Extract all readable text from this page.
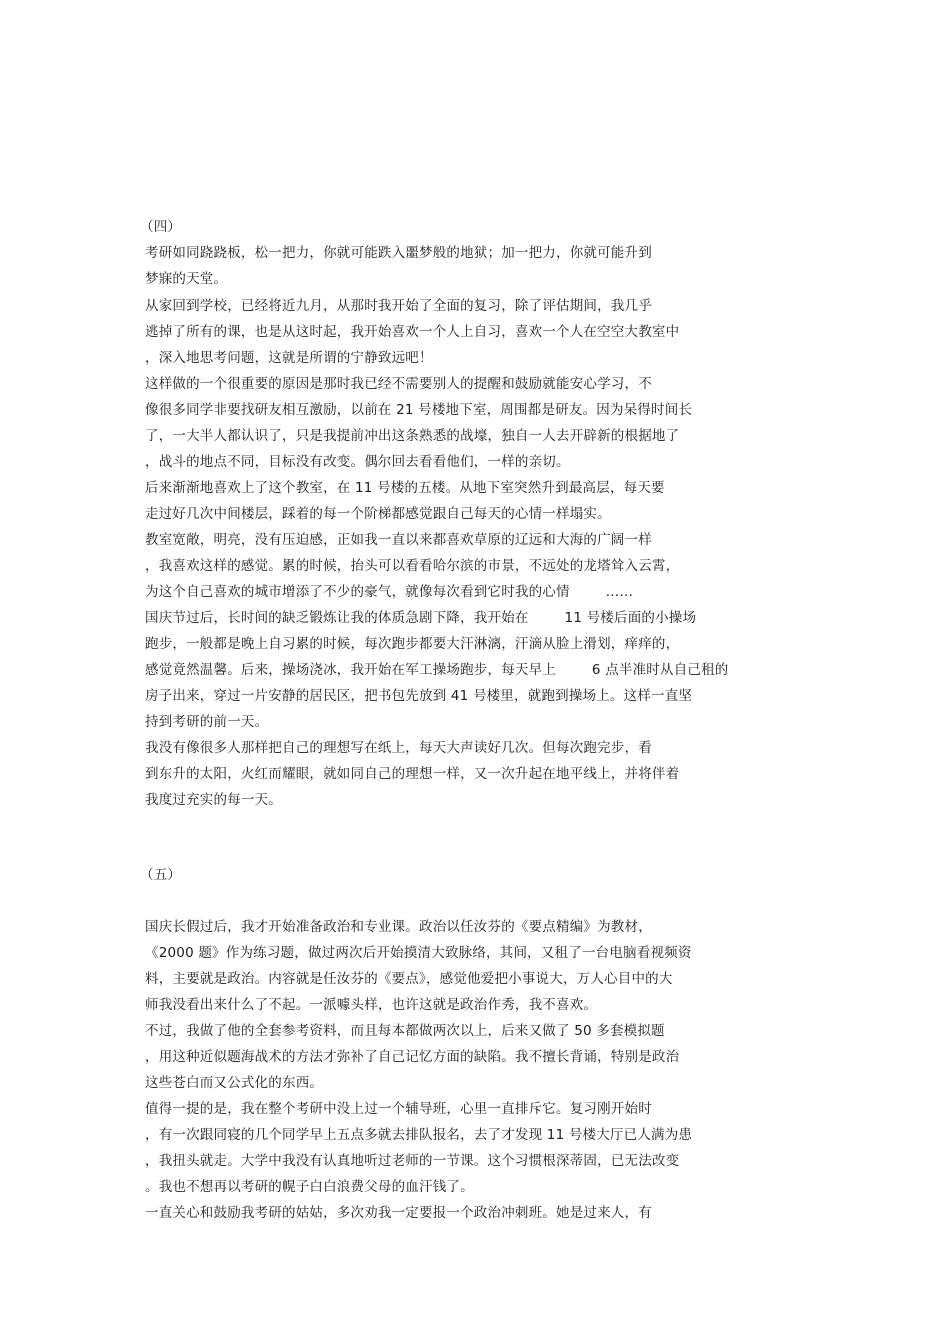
（四）
考研如同跷跷板，松一把力，你就可能跌入噩梦般的地狱；加一把力，你就可能升到
梦寐的天堂。
从家回到学校，已经将近九月，从那时我开始了全面的复习，除了评估期间，我几乎
逃掉了所有的课，也是从这时起，我开始喜欢一个人上自习，喜欢一个人在空空大教室中
，深入地思考问题，这就是所谓的宁静致远吧！
这样做的一个很重要的原因是那时我已经不需要别人的提醒和鼓励就能安心学习，不
像很多同学非要找研友相互激励，以前在 21 号楼地下室，周围都是研友。因为呆得时间长
了，一大半人都认识了，只是我提前冲出这条熟悉的战壕，独自一人去开辟新的根据地了
，战斗的地点不同，目标没有改变。偶尔回去看看他们，一样的亲切。
后来渐渐地喜欢上了这个教室，在 11 号楼的五楼。从地下室突然升到最高层，每天要
走过好几次中间楼层，踩着的每一个阶梯都感觉跟自己每天的心情一样塌实。
教室宽敞，明亮，没有压迫感，正如我一直以来都喜欢草原的辽远和大海的广阔一样
，我喜欢这样的感觉。累的时候，抬头可以看看哈尔滨的市景，不远处的龙塔耸入云霄，
为这个自己喜欢的城市增添了不少的豪气，就像每次看到它时我的心情        ……
国庆节过后，长时间的缺乏锻炼让我的体质急剧下降，我开始在        11 号楼后面的小操场
跑步，一般都是晚上自习累的时候，每次跑步都要大汗淋漓，汗滴从脸上滑划，痒痒的，
感觉竟然温馨。后来，操场浇冰，我开始在军工操场跑步，每天早上        6 点半准时从自己租的
房子出来，穿过一片安静的居民区，把书包先放到 41 号楼里，就跑到操场上。这样一直坚
持到考研的前一天。
我没有像很多人那样把自己的理想写在纸上，每天大声读好几次。但每次跑完步，看
到东升的太阳，火红而耀眼，就如同自己的理想一样，又一次升起在地平线上，并将伴着
我度过充实的每一天。
（五）
国庆长假过后，我才开始准备政治和专业课。政治以任汝芬的《要点精编》为教材，
《2000 题》作为练习题，做过两次后开始摸清大致脉络，其间，又租了一台电脑看视频资
料，主要就是政治。内容就是任汝芬的《要点》，感觉他爱把小事说大，万人心目中的大
师我没看出来什么了不起。一派噱头样，也许这就是政治作秀，我不喜欢。
不过，我做了他的全套参考资料，而且每本都做两次以上，后来又做了 50 多套模拟题
，用这种近似题海战术的方法才弥补了自己记忆方面的缺陷。我不擅长背诵，特别是政治
这些苍白而又公式化的东西。
值得一提的是，我在整个考研中没上过一个辅导班，心里一直排斥它。复习刚开始时
，有一次跟同寝的几个同学早上五点多就去排队报名，去了才发现 11 号楼大厅已人满为患
，我扭头就走。大学中我没有认真地听过老师的一节课。这个习惯根深蒂固，已无法改变
。我也不想再以考研的幌子白白浪费父母的血汗钱了。
一直关心和鼓励我考研的姑姑，多次劝我一定要报一个政治冲刺班。她是过来人，有
